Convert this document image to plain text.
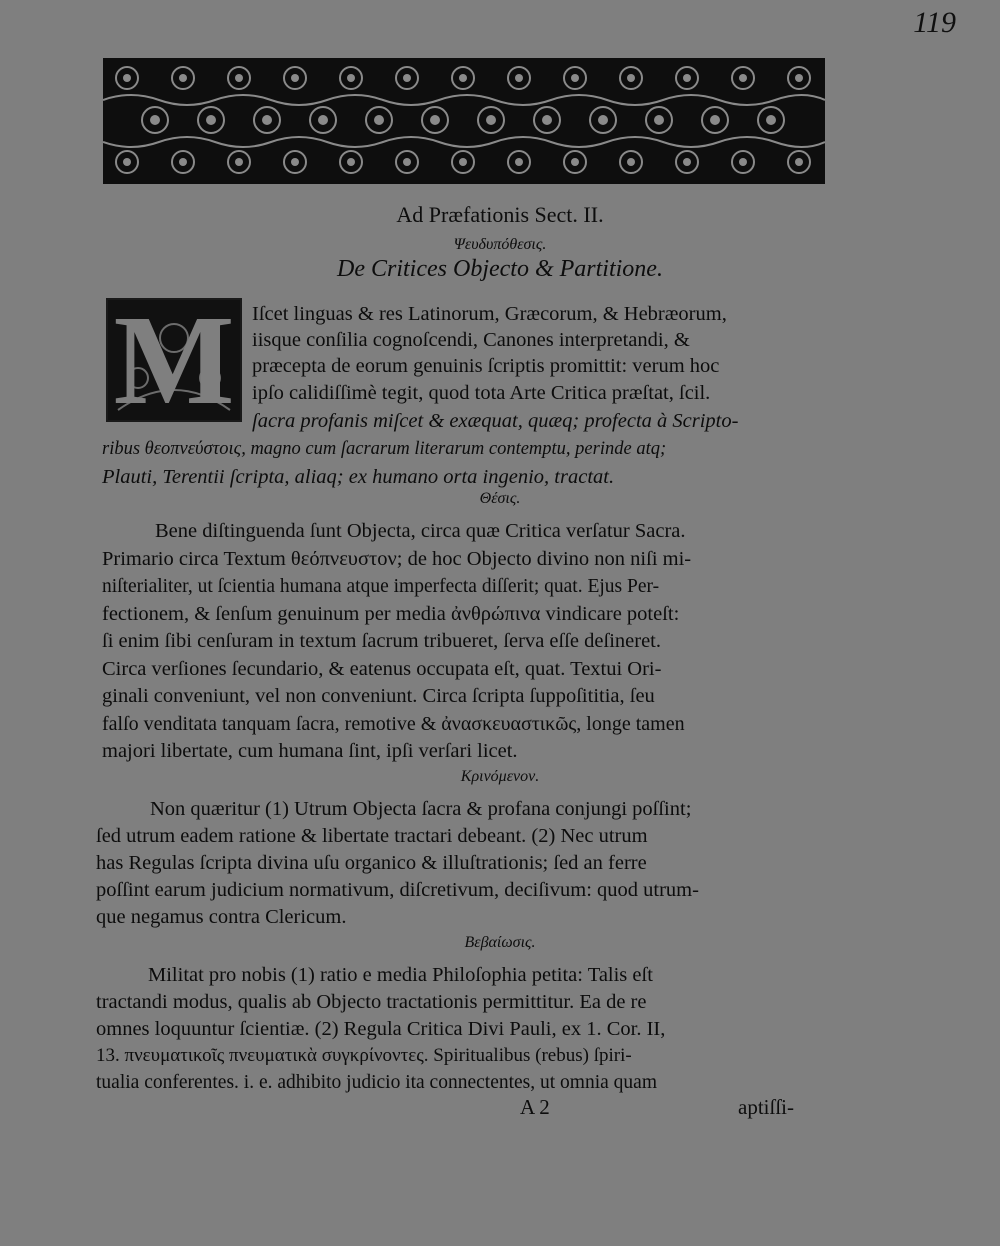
119
Ad Præfationis Sect. II.
Ψευδυπόθεσις.
De Critices Objecto & Partitione.
M Iſcet linguas & res Latinorum, Græcorum, & Hebræorum,
iisque conſilia cognoſcendi, Canones interpretandi, &
præcepta de eorum genuinis ſcriptis promittit: verum hoc
ipſo calidiſſimè tegit, quod tota Arte Critica præſtat, ſcil.
ſacra profanis miſcet & exæquat, quæq; profecta à Scripto-
ribus θεοπνεύστοις, magno cum ſacrarum literarum contemptu, perinde atq;
Plauti, Terentii ſcripta, aliaq; ex humano orta ingenio, tractat.
Θέσις.
Bene diſtinguenda ſunt Objecta, circa quæ Critica verſatur Sacra.
Primario circa Textum θεόπνευστον; de hoc Objecto divino non niſi mi-
niſterialiter, ut ſcientia humana atque imperfecta diſſerit; quat. Ejus Per-
fectionem, & ſenſum genuinum per media ἀνθρώπινα vindicare poteſt:
ſi enim ſibi cenſuram in textum ſacrum tribueret, ſerva eſſe deſineret.
Circa verſiones ſecundario, & eatenus occupata eſt, quat. Textui Ori-
ginali conveniunt, vel non conveniunt. Circa ſcripta ſuppoſititia, ſeu
falſo venditata tanquam ſacra, remotive & ἀνασκευαστικῶς, longe tamen
majori libertate, cum humana ſint, ipſi verſari licet.
Κρινόμενον.
Non quæritur (1) Utrum Objecta ſacra & profana conjungi poſſint;
ſed utrum eadem ratione & libertate tractari debeant. (2) Nec utrum
has Regulas ſcripta divina uſu organico & illuſtrationis; ſed an ferre
poſſint earum judicium normativum, diſcretivum, deciſivum: quod utrum-
que negamus contra Clericum.
Βεβαίωσις.
Militat pro nobis (1) ratio e media Philoſophia petita: Talis eſt
tractandi modus, qualis ab Objecto tractationis permittitur. Ea de re
omnes loquuntur ſcientiæ. (2) Regula Critica Divi Pauli, ex 1. Cor. II,
13. πνευματικοῖς πνευματικὰ συγκρίνοντες. Spiritualibus (rebus) ſpiri-
tualia conferentes. i. e. adhibito judicio ita connectentes, ut omnia quam
A 2	aptiſſi-
